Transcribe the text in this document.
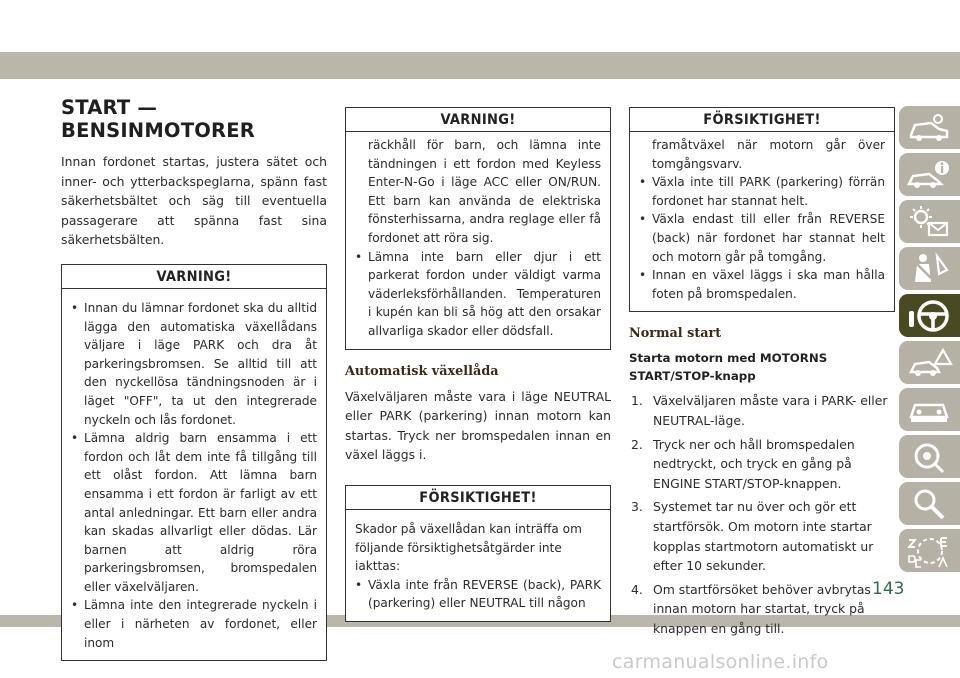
START — BENSINMOTORER

Innan fordonet startas, justera sätet och inner- och ytterbackspeglarna, spänn fast säkerhetsbältet och säg till eventuella passagerare att spänna fast sina säkerhetsbälten.

VARNING!
• Innan du lämnar fordonet ska du alltid lägga den automatiska växellådans väljare i läge PARK och dra åt parkeringsbromsen. Se alltid till att den nyckellösa tändningsnoden är i läget "OFF", ta ut den integrerade nyckeln och lås fordonet.
• Lämna aldrig barn ensamma i ett fordon och låt dem inte få tillgång till ett olåst fordon. Att lämna barn ensamma i ett fordon är farligt av ett antal anledningar. Ett barn eller andra kan skadas allvarligt eller dödas. Lär barnen att aldrig röra parkeringsbromsen, bromspedalen eller växelväljaren.
• Lämna inte den integrerade nyckeln i eller i närheten av fordonet, eller inom
VARNING!

räckhåll för barn, och lämna inte tändningen i ett fordon med Keyless Enter-N-Go i läge ACC eller ON/RUN. Ett barn kan använda de elektriska fönsterhissarna, andra reglage eller få fordonet att röra sig.

• Lämna inte barn eller djur i ett parkerat fordon under väldigt varma väderleksförhållanden. Temperaturen i kupén kan bli så hög att den orsakar allvarliga skador eller dödsfall.
Automatisk växellåda

Växelväljaren måste vara i läge NEUTRAL eller PARK (parkering) innan motorn kan startas. Tryck ner bromspedalen innan en växel läggs i.

FÖRSIKTIGHET!

Skador på växellådan kan inträffa om följande försiktighetsåtgärder inte iakttas:

• Växla inte från REVERSE (back), PARK (parkering) eller NEUTRAL till någon
FÖRSIKTIGHET!

framåtväxel när motorn går över tomgångsvarv.

• Växla inte till PARK (parkering) förrän fordonet har stannat helt.
• Växla endast till eller från REVERSE (back) när fordonet har stannat helt och motorn går på tomgång.
• Innan en växel läggs i ska man hålla foten på bromspedalen.
Normal start
Starta motorn med MOTORNS START/STOP-knapp
1. Växelväljaren måste vara i PARK- eller NEUTRAL-läge.
2. Tryck ner och håll bromspedalen nedtryckt, och tryck en gång på ENGINE START/STOP-knappen.
3. Systemet tar nu över och gör ett startförsök. Om motorn inte startar kopplas startmotorn automatiskt ur efter 10 sekunder.
4. Om startförsöket behöver avbrytas innan motorn har startat, tryck på knappen en gång till.
143
carmanualsonline.info
